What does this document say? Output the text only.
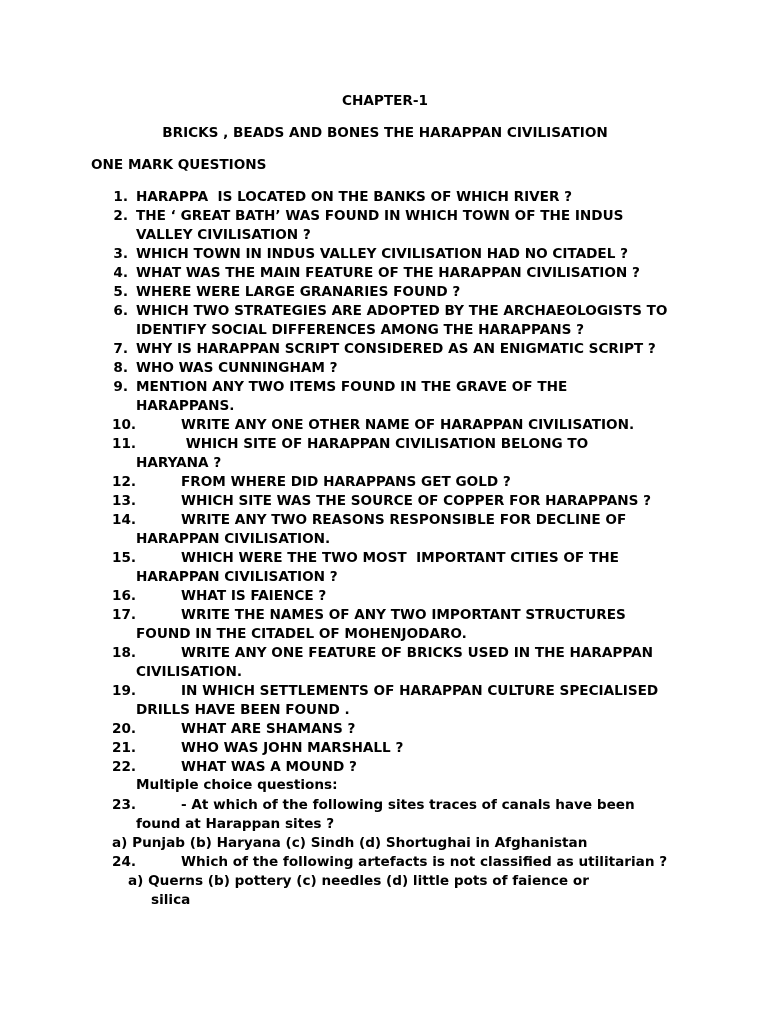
CHAPTER-1
BRICKS , BEADS AND BONES THE HARAPPAN CIVILISATION
ONE MARK QUESTIONS
1. HARAPPA  IS LOCATED ON THE BANKS OF WHICH RIVER ?
2. THE ‘ GREAT BATH’ WAS FOUND IN WHICH TOWN OF THE INDUS
VALLEY CIVILISATION ?
3. WHICH TOWN IN INDUS VALLEY CIVILISATION HAD NO CITADEL ?
4. WHAT WAS THE MAIN FEATURE OF THE HARAPPAN CIVILISATION ?
5. WHERE WERE LARGE GRANARIES FOUND ?
6. WHICH TWO STRATEGIES ARE ADOPTED BY THE ARCHAEOLOGISTS TO
IDENTIFY SOCIAL DIFFERENCES AMONG THE HARAPPANS ?
7. WHY IS HARAPPAN SCRIPT CONSIDERED AS AN ENIGMATIC SCRIPT ?
8. WHO WAS CUNNINGHAM ?
9. MENTION ANY TWO ITEMS FOUND IN THE GRAVE OF THE
HARAPPANS.
10.	WRITE ANY ONE OTHER NAME OF HARAPPAN CIVILISATION.
11.	WHICH SITE OF HARAPPAN CIVILISATION BELONG TO
HARYANA ?
12.	FROM WHERE DID HARAPPANS GET GOLD ?
13.	WHICH SITE WAS THE SOURCE OF COPPER FOR HARAPPANS ?
14.	WRITE ANY TWO REASONS RESPONSIBLE FOR DECLINE OF
HARAPPAN CIVILISATION.
15.	WHICH WERE THE TWO MOST  IMPORTANT CITIES OF THE
HARAPPAN CIVILISATION ?
16.	WHAT IS FAIENCE ?
17.	WRITE THE NAMES OF ANY TWO IMPORTANT STRUCTURES
FOUND IN THE CITADEL OF MOHENJODARO.
18.	WRITE ANY ONE FEATURE OF BRICKS USED IN THE HARAPPAN
CIVILISATION.
19.	IN WHICH SETTLEMENTS OF HARAPPAN CULTURE SPECIALISED
DRILLS HAVE BEEN FOUND .
20.	WHAT ARE SHAMANS ?
21.	WHO WAS JOHN MARSHALL ?
22.	WHAT WAS A MOUND ?
Multiple choice questions:
23.	- At which of the following sites traces of canals have been
found at Harappan sites ?
a) Punjab (b) Haryana (c) Sindh (d) Shortughai in Afghanistan
24.	Which of the following artefacts is not classified as utilitarian ?
a) Querns (b) pottery (c) needles (d) little pots of faience or
silica
